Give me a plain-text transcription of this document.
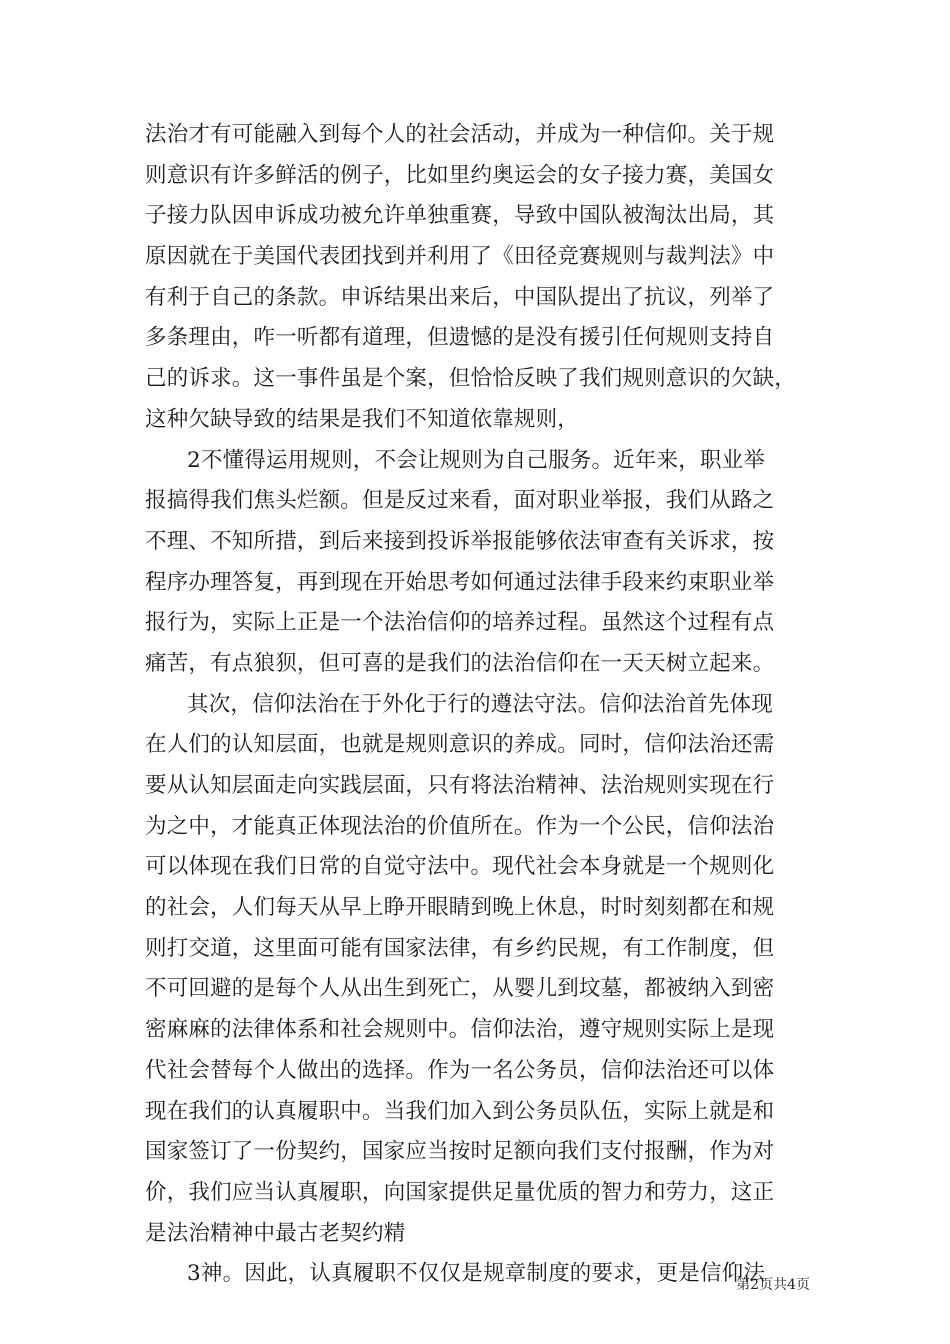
法治才有可能融入到每个人的社会活动，并成为一种信仰。关于规
则意识有许多鲜活的例子，比如里约奥运会的女子接力赛，美国女
子接力队因申诉成功被允许单独重赛，导致中国队被淘汰出局，其
原因就在于美国代表团找到并利用了《田径竞赛规则与裁判法》中
有利于自己的条款。申诉结果出来后，中国队提出了抗议，列举了
多条理由，咋一听都有道理，但遗憾的是没有援引任何规则支持自
己的诉求。这一事件虽是个案，但恰恰反映了我们规则意识的欠缺，
这种欠缺导致的结果是我们不知道依靠规则，
2不懂得运用规则，不会让规则为自己服务。近年来，职业举
报搞得我们焦头烂额。但是反过来看，面对职业举报，我们从路之
不理、不知所措，到后来接到投诉举报能够依法审查有关诉求，按
程序办理答复，再到现在开始思考如何通过法律手段来约束职业举
报行为，实际上正是一个法治信仰的培养过程。虽然这个过程有点
痛苦，有点狼狈，但可喜的是我们的法治信仰在一天天树立起来。
其次，信仰法治在于外化于行的遵法守法。信仰法治首先体现
在人们的认知层面，也就是规则意识的养成。同时，信仰法治还需
要从认知层面走向实践层面，只有将法治精神、法治规则实现在行
为之中，才能真正体现法治的价值所在。作为一个公民，信仰法治
可以体现在我们日常的自觉守法中。现代社会本身就是一个规则化
的社会，人们每天从早上睁开眼睛到晚上休息，时时刻刻都在和规
则打交道，这里面可能有国家法律，有乡约民规，有工作制度，但
不可回避的是每个人从出生到死亡，从婴儿到坟墓，都被纳入到密
密麻麻的法律体系和社会规则中。信仰法治，遵守规则实际上是现
代社会替每个人做出的选择。作为一名公务员，信仰法治还可以体
现在我们的认真履职中。当我们加入到公务员队伍，实际上就是和
国家签订了一份契约，国家应当按时足额向我们支付报酬，作为对
价，我们应当认真履职，向国家提供足量优质的智力和劳力，这正
是法治精神中最古老契约精
3神。因此，认真履职不仅仅是规章制度的要求，更是信仰法
第2页共4页
